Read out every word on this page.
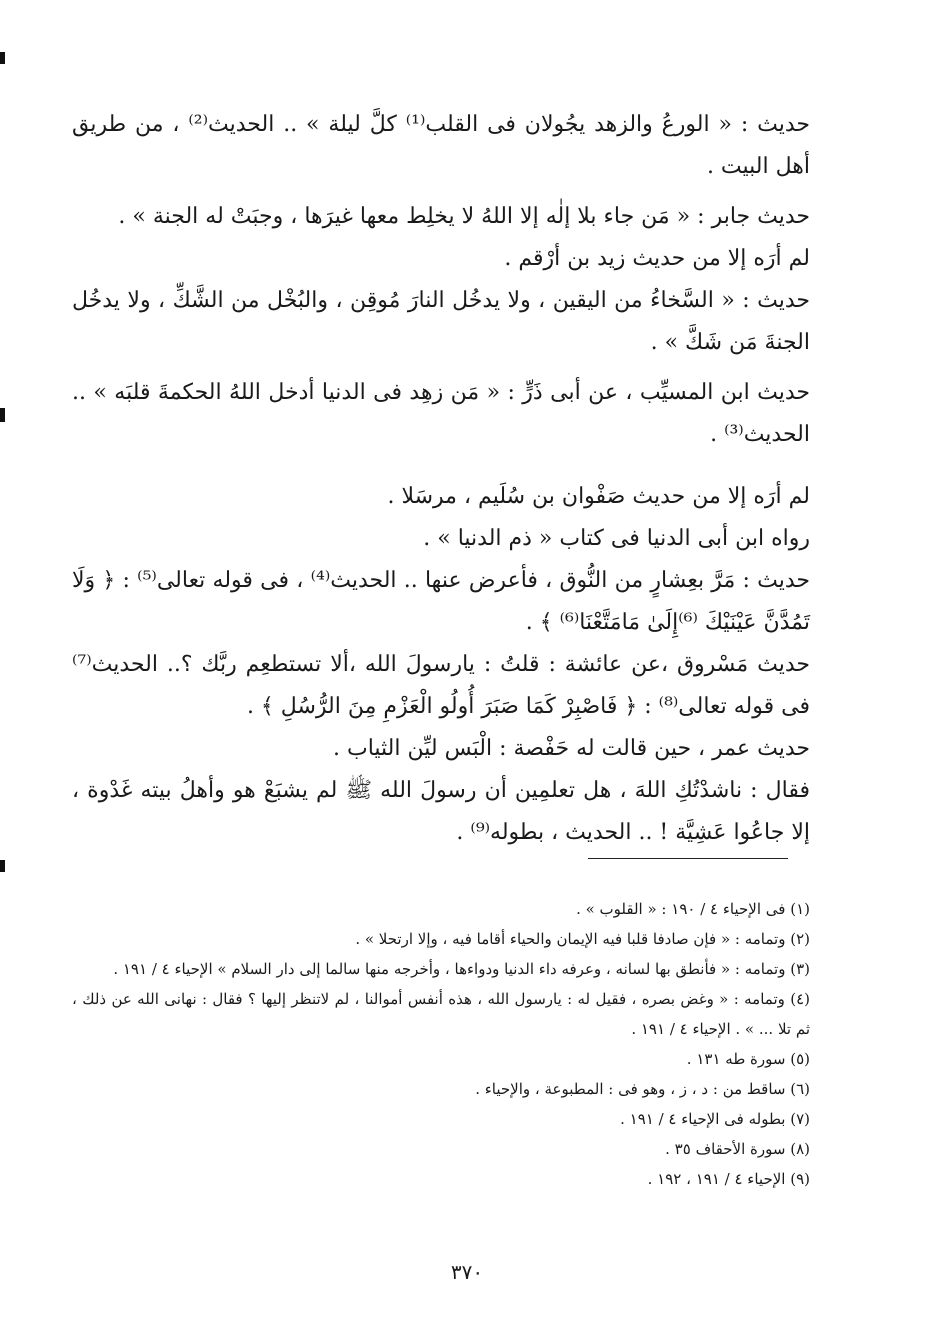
حديث : « الورعُ والزهد يجُولان فى القلب⁽¹⁾ كلَّ ليلة » .. الحديث⁽²⁾ ، من طريق أهل البيت .

حديث جابر : « مَن جاء بلا إلٰه إلا اللهُ لا يخلِط معها غيرَها ، وجبَتْ له الجنة » .

لم أرَه إلا من حديث زيد بن أرْقم .

حديث : « السَّخاءُ من اليقين ، ولا يدخُل النارَ مُوقِن ، والبُخْل من الشَّكِّ ، ولا يدخُل الجنةَ مَن شَكَّ » .

حديث ابن المسيِّب ، عن أبى ذَرٍّ : « مَن زهِد فى الدنيا أدخل اللهُ الحكمةَ قلبَه » .. الحديث⁽³⁾ .

لم أرَه إلا من حديث صَفْوان بن سُلَيم ، مرسَلا .

رواه ابن أبى الدنيا فى كتاب « ذم الدنيا » .

حديث : مَرَّ بعِشارٍ من النُّوق ، فأعرض عنها .. الحديث⁽⁴⁾ ، فى قوله تعالى⁽⁵⁾ : ﴿ وَلَا تَمُدَّنَّ عَيْنَيْكَ ⁽⁶⁾إِلَىٰ مَامَتَّعْنَا⁽⁶⁾ ﴾ .

حديث مَسْروق ،عن عائشة : قلتُ : يارسولَ الله ،ألا تستطعِم ربَّك ؟.. الحديث⁽⁷⁾ فى قوله تعالى⁽⁸⁾ : ﴿ فَاصْبِرْ كَمَا صَبَرَ أُولُو الْعَزْمِ مِنَ الرُّسُلِ ﴾ .

حديث عمر ، حين قالت له حَفْصة : الْبَس ليِّن الثياب .

فقال : ناشدْتُكِ اللهَ ، هل تعلمِين أن رسولَ الله ﷺ لم يشبَعْ هو وأهلُ بيته غَدْوة ، إلا جاعُوا عَشِيَّة ! .. الحديث ، بطوله⁽⁹⁾ .

(١) فى الإحياء ٤ / ١٩٠ : « القلوب » .

(٢) وتمامه : « فإن صادفا قلبا فيه الإيمان والحياء أقاما فيه ، وإلا ارتحلا » .

(٣) وتمامه : « فأنطق بها لسانه ، وعرفه داء الدنيا ودواءها ، وأخرجه منها سالما إلى دار السلام » الإحياء ٤ / ١٩١ .

(٤) وتمامه : « وغض بصره ، فقيل له : يارسول الله ، هذه أنفس أموالنا ، لم لاتنظر إليها ؟ فقال : نهانى الله عن ذلك ، ثم تلا ... » . الإحياء ٤ / ١٩١ .

(٥) سورة طه ١٣١ .

(٦) ساقط من : د ، ز ، وهو فى : المطبوعة ، والإحياء .

(٧) بطوله فى الإحياء ٤ / ١٩١ .

(٨) سورة الأحقاف ٣٥ .

(٩) الإحياء ٤ / ١٩١ ، ١٩٢ .

٣٧٠
